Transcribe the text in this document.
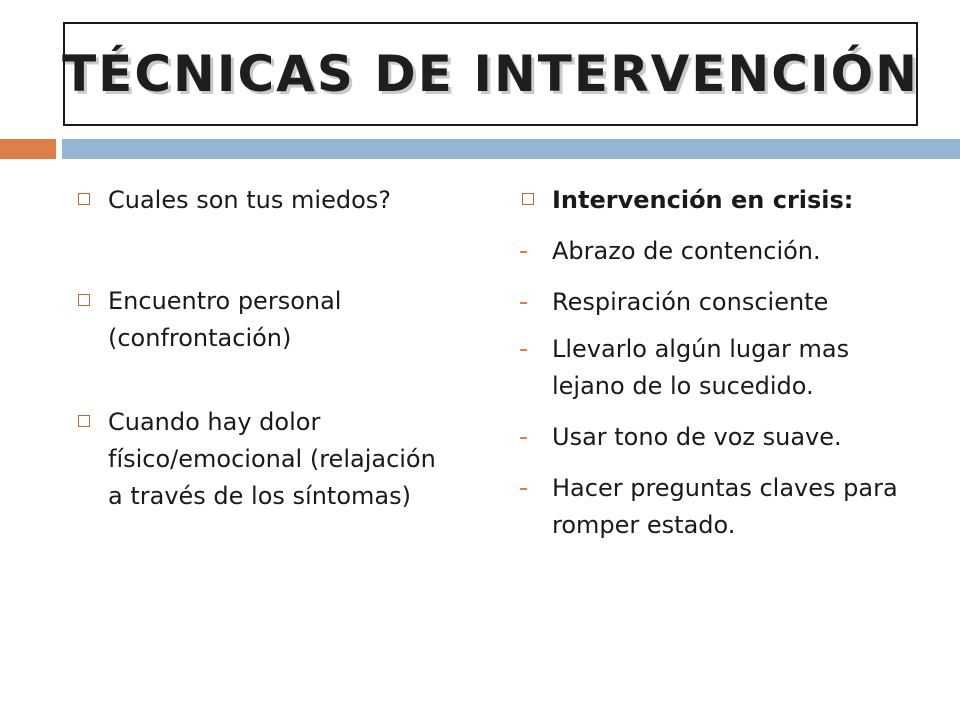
TÉCNICAS DE INTERVENCIÓN
Cuales son tus miedos?
Encuentro personal (confrontación)
Cuando hay dolor físico/emocional (relajación a través de los síntomas)
Intervención en crisis:
Abrazo de contención.
Respiración consciente
Llevarlo algún lugar mas lejano de lo sucedido.
Usar tono de voz suave.
Hacer preguntas claves para romper estado.
